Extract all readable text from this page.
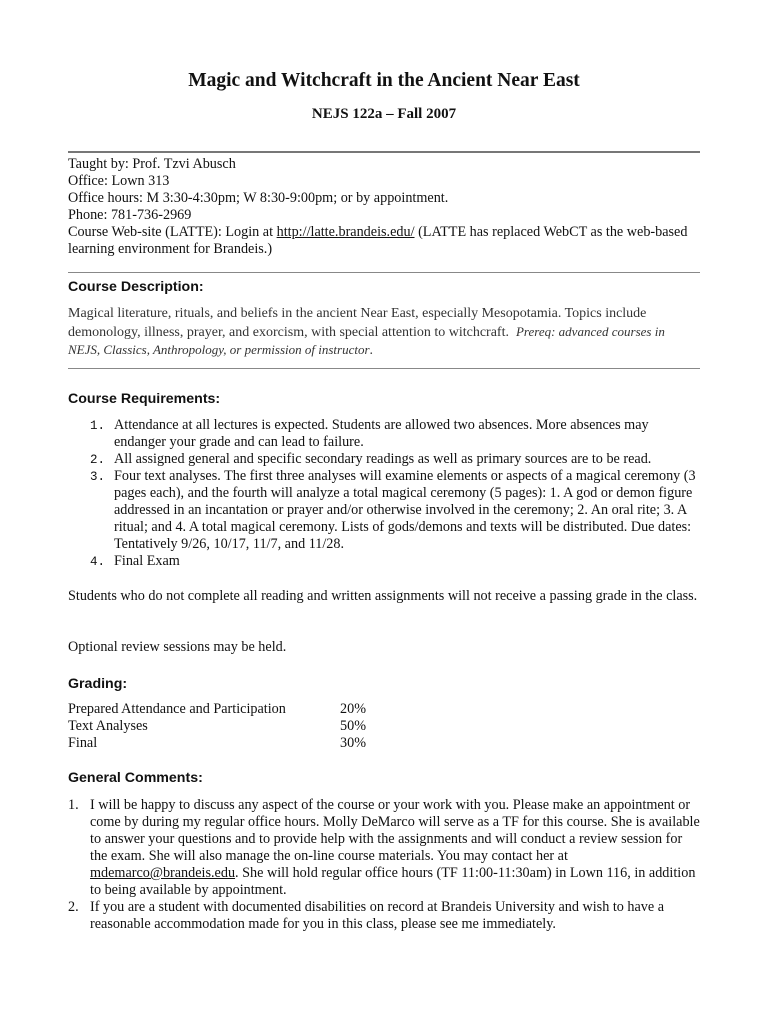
Magic and Witchcraft in the Ancient Near East
NEJS 122a – Fall 2007
Taught by: Prof. Tzvi Abusch
Office: Lown 313
Office hours: M 3:30-4:30pm; W 8:30-9:00pm; or by appointment.
Phone: 781-736-2969
Course Web-site (LATTE): Login at http://latte.brandeis.edu/ (LATTE has replaced WebCT as the web-based learning environment for Brandeis.)
Course Description:
Magical literature, rituals, and beliefs in the ancient Near East, especially Mesopotamia. Topics include demonology, illness, prayer, and exorcism, with special attention to witchcraft. Prereq: advanced courses in NEJS, Classics, Anthropology, or permission of instructor.
Course Requirements:
1. Attendance at all lectures is expected. Students are allowed two absences. More absences may endanger your grade and can lead to failure.
2. All assigned general and specific secondary readings as well as primary sources are to be read.
3. Four text analyses. The first three analyses will examine elements or aspects of a magical ceremony (3 pages each), and the fourth will analyze a total magical ceremony (5 pages): 1. A god or demon figure addressed in an incantation or prayer and/or otherwise involved in the ceremony; 2. An oral rite; 3. A ritual; and 4. A total magical ceremony. Lists of gods/demons and texts will be distributed. Due dates: Tentatively 9/26, 10/17, 11/7, and 11/28.
4. Final Exam
Students who do not complete all reading and written assignments will not receive a passing grade in the class.
Optional review sessions may be held.
Grading:
Prepared Attendance and Participation	20%
Text Analyses	50%
Final	30%
General Comments:
1. I will be happy to discuss any aspect of the course or your work with you. Please make an appointment or come by during my regular office hours. Molly DeMarco will serve as a TF for this course. She is available to answer your questions and to provide help with the assignments and will conduct a review session for the exam. She will also manage the on-line course materials. You may contact her at mdemarco@brandeis.edu. She will hold regular office hours (TF 11:00-11:30am) in Lown 116, in addition to being available by appointment.
2. If you are a student with documented disabilities on record at Brandeis University and wish to have a reasonable accommodation made for you in this class, please see me immediately.
